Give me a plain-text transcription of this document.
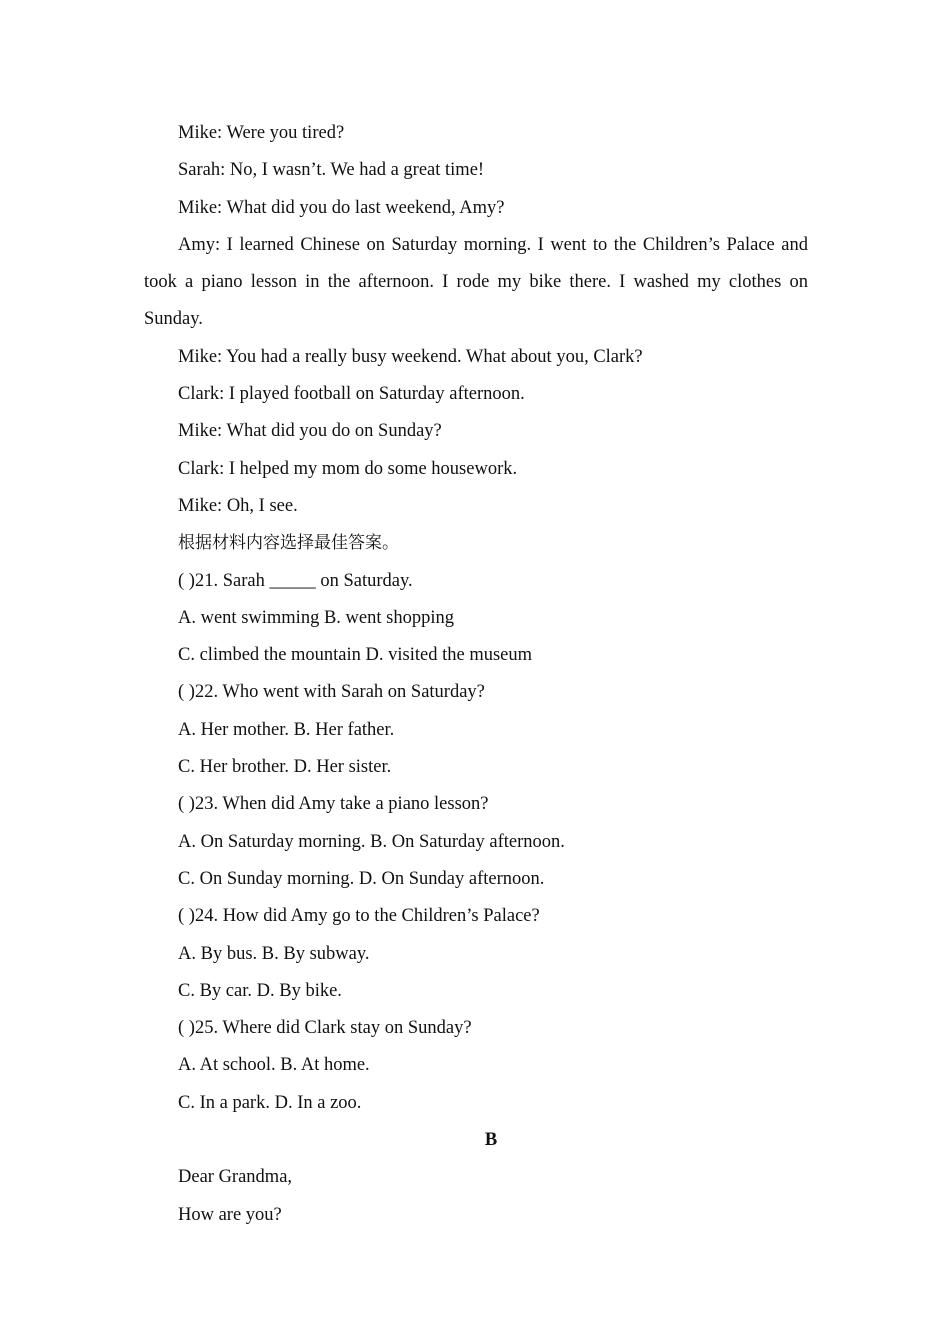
Mike: Were you tired?

Sarah: No, I wasn’t. We had a great time!

Mike: What did you do last weekend, Amy?

Amy: I learned Chinese on Saturday morning. I went to the Children’s Palace and took a piano lesson in the afternoon. I rode my bike there. I washed my clothes on Sunday.

Mike: You had a really busy weekend. What about you, Clark?

Clark: I played football on Saturday afternoon.

Mike: What did you do on Sunday?

Clark: I helped my mom do some housework.

Mike: Oh, I see.

根据材料内容选择最佳答案。

( )21. Sarah _____ on Saturday.

A. went swimming B. went shopping

C. climbed the mountain D. visited the museum

( )22. Who went with Sarah on Saturday?

A. Her mother. B. Her father.

C. Her brother. D. Her sister.

( )23. When did Amy take a piano lesson?

A. On Saturday morning. B. On Saturday afternoon.

C. On Sunday morning. D. On Sunday afternoon.

( )24. How did Amy go to the Children’s Palace?

A. By bus. B. By subway.

C. By car. D. By bike.

( )25. Where did Clark stay on Sunday?

A. At school. B. At home.

C. In a park. D. In a zoo.

B

Dear Grandma,

How are you?
